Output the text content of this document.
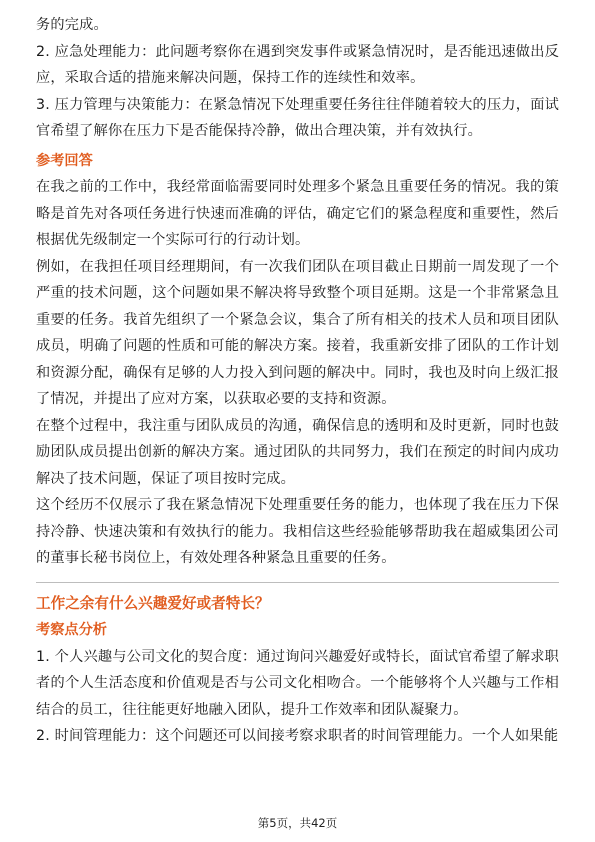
务的完成。

2. 应急处理能力：此问题考察你在遇到突发事件或紧急情况时，是否能迅速做出反应，采取合适的措施来解决问题，保持工作的连续性和效率。

3. 压力管理与决策能力：在紧急情况下处理重要任务往往伴随着较大的压力，面试官希望了解你在压力下是否能保持冷静，做出合理决策，并有效执行。

参考回答

在我之前的工作中，我经常面临需要同时处理多个紧急且重要任务的情况。我的策略是首先对各项任务进行快速而准确的评估，确定它们的紧急程度和重要性，然后根据优先级制定一个实际可行的行动计划。

例如，在我担任项目经理期间，有一次我们团队在项目截止日期前一周发现了一个严重的技术问题，这个问题如果不解决将导致整个项目延期。这是一个非常紧急且重要的任务。我首先组织了一个紧急会议，集合了所有相关的技术人员和项目团队成员，明确了问题的性质和可能的解决方案。接着，我重新安排了团队的工作计划和资源分配，确保有足够的人力投入到问题的解决中。同时，我也及时向上级汇报了情况，并提出了应对方案，以获取必要的支持和资源。

在整个过程中，我注重与团队成员的沟通，确保信息的透明和及时更新，同时也鼓励团队成员提出创新的解决方案。通过团队的共同努力，我们在预定的时间内成功解决了技术问题，保证了项目按时完成。

这个经历不仅展示了我在紧急情况下处理重要任务的能力，也体现了我在压力下保持冷静、快速决策和有效执行的能力。我相信这些经验能够帮助我在超威集团公司的董事长秘书岗位上，有效处理各种紧急且重要的任务。

工作之余有什么兴趣爱好或者特长？

考察点分析

1. 个人兴趣与公司文化的契合度：通过询问兴趣爱好或特长，面试官希望了解求职者的个人生活态度和价值观是否与公司文化相吻合。一个能够将个人兴趣与工作相结合的员工，往往能更好地融入团队，提升工作效率和团队凝聚力。

2. 时间管理能力：这个问题还可以间接考察求职者的时间管理能力。一个人如果能

第5页，共42页
